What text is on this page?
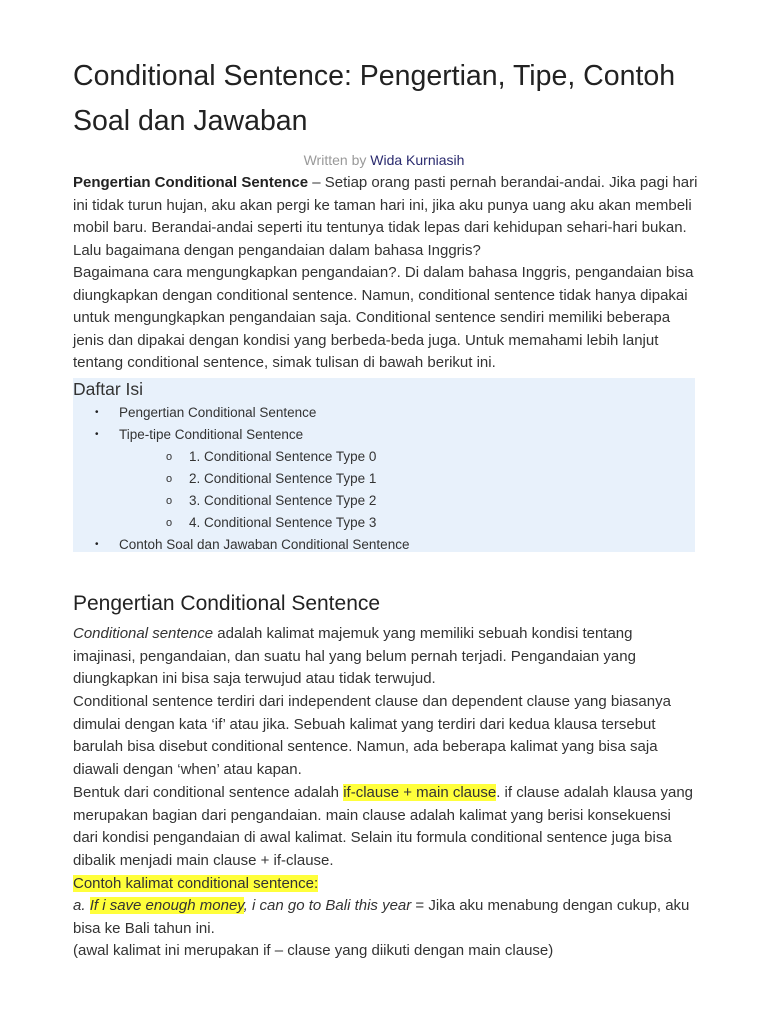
Conditional Sentence: Pengertian, Tipe, Contoh Soal dan Jawaban
Written by Wida Kurniasih

Pengertian Conditional Sentence – Setiap orang pasti pernah berandai-andai. Jika pagi hari ini tidak turun hujan, aku akan pergi ke taman hari ini, jika aku punya uang aku akan membeli mobil baru. Berandai-andai seperti itu tentunya tidak lepas dari kehidupan sehari-hari bukan. Lalu bagaimana dengan pengandaian dalam bahasa Inggris?

Bagaimana cara mengungkapkan pengandaian?. Di dalam bahasa Inggris, pengandaian bisa diungkapkan dengan conditional sentence. Namun, conditional sentence tidak hanya dipakai untuk mengungkapkan pengandaian saja. Conditional sentence sendiri memiliki beberapa jenis dan dipakai dengan kondisi yang berbeda-beda juga. Untuk memahami lebih lanjut tentang conditional sentence, simak tulisan di bawah berikut ini.

Daftar Isi
• Pengertian Conditional Sentence
• Tipe-tipe Conditional Sentence
o 1. Conditional Sentence Type 0
o 2. Conditional Sentence Type 1
o 3. Conditional Sentence Type 2
o 4. Conditional Sentence Type 3
• Contoh Soal dan Jawaban Conditional Sentence
Pengertian Conditional Sentence

Conditional sentence adalah kalimat majemuk yang memiliki sebuah kondisi tentang imajinasi, pengandaian, dan suatu hal yang belum pernah terjadi. Pengandaian yang diungkapkan ini bisa saja terwujud atau tidak terwujud.

Conditional sentence terdiri dari independent clause dan dependent clause yang biasanya dimulai dengan kata ‘if’ atau jika. Sebuah kalimat yang terdiri dari kedua klausa tersebut barulah bisa disebut conditional sentence. Namun, ada beberapa kalimat yang bisa saja diawali dengan ‘when’ atau kapan.

Bentuk dari conditional sentence adalah if-clause + main clause. if clause adalah klausa yang merupakan bagian dari pengandaian. main clause adalah kalimat yang berisi konsekuensi dari kondisi pengandaian di awal kalimat. Selain itu formula conditional sentence juga bisa dibalik menjadi main clause + if-clause.

Contoh kalimat conditional sentence:

a. If i save enough money, i can go to Bali this year = Jika aku menabung dengan cukup, aku bisa ke Bali tahun ini.

(awal kalimat ini merupakan if – clause yang diikuti dengan main clause)
